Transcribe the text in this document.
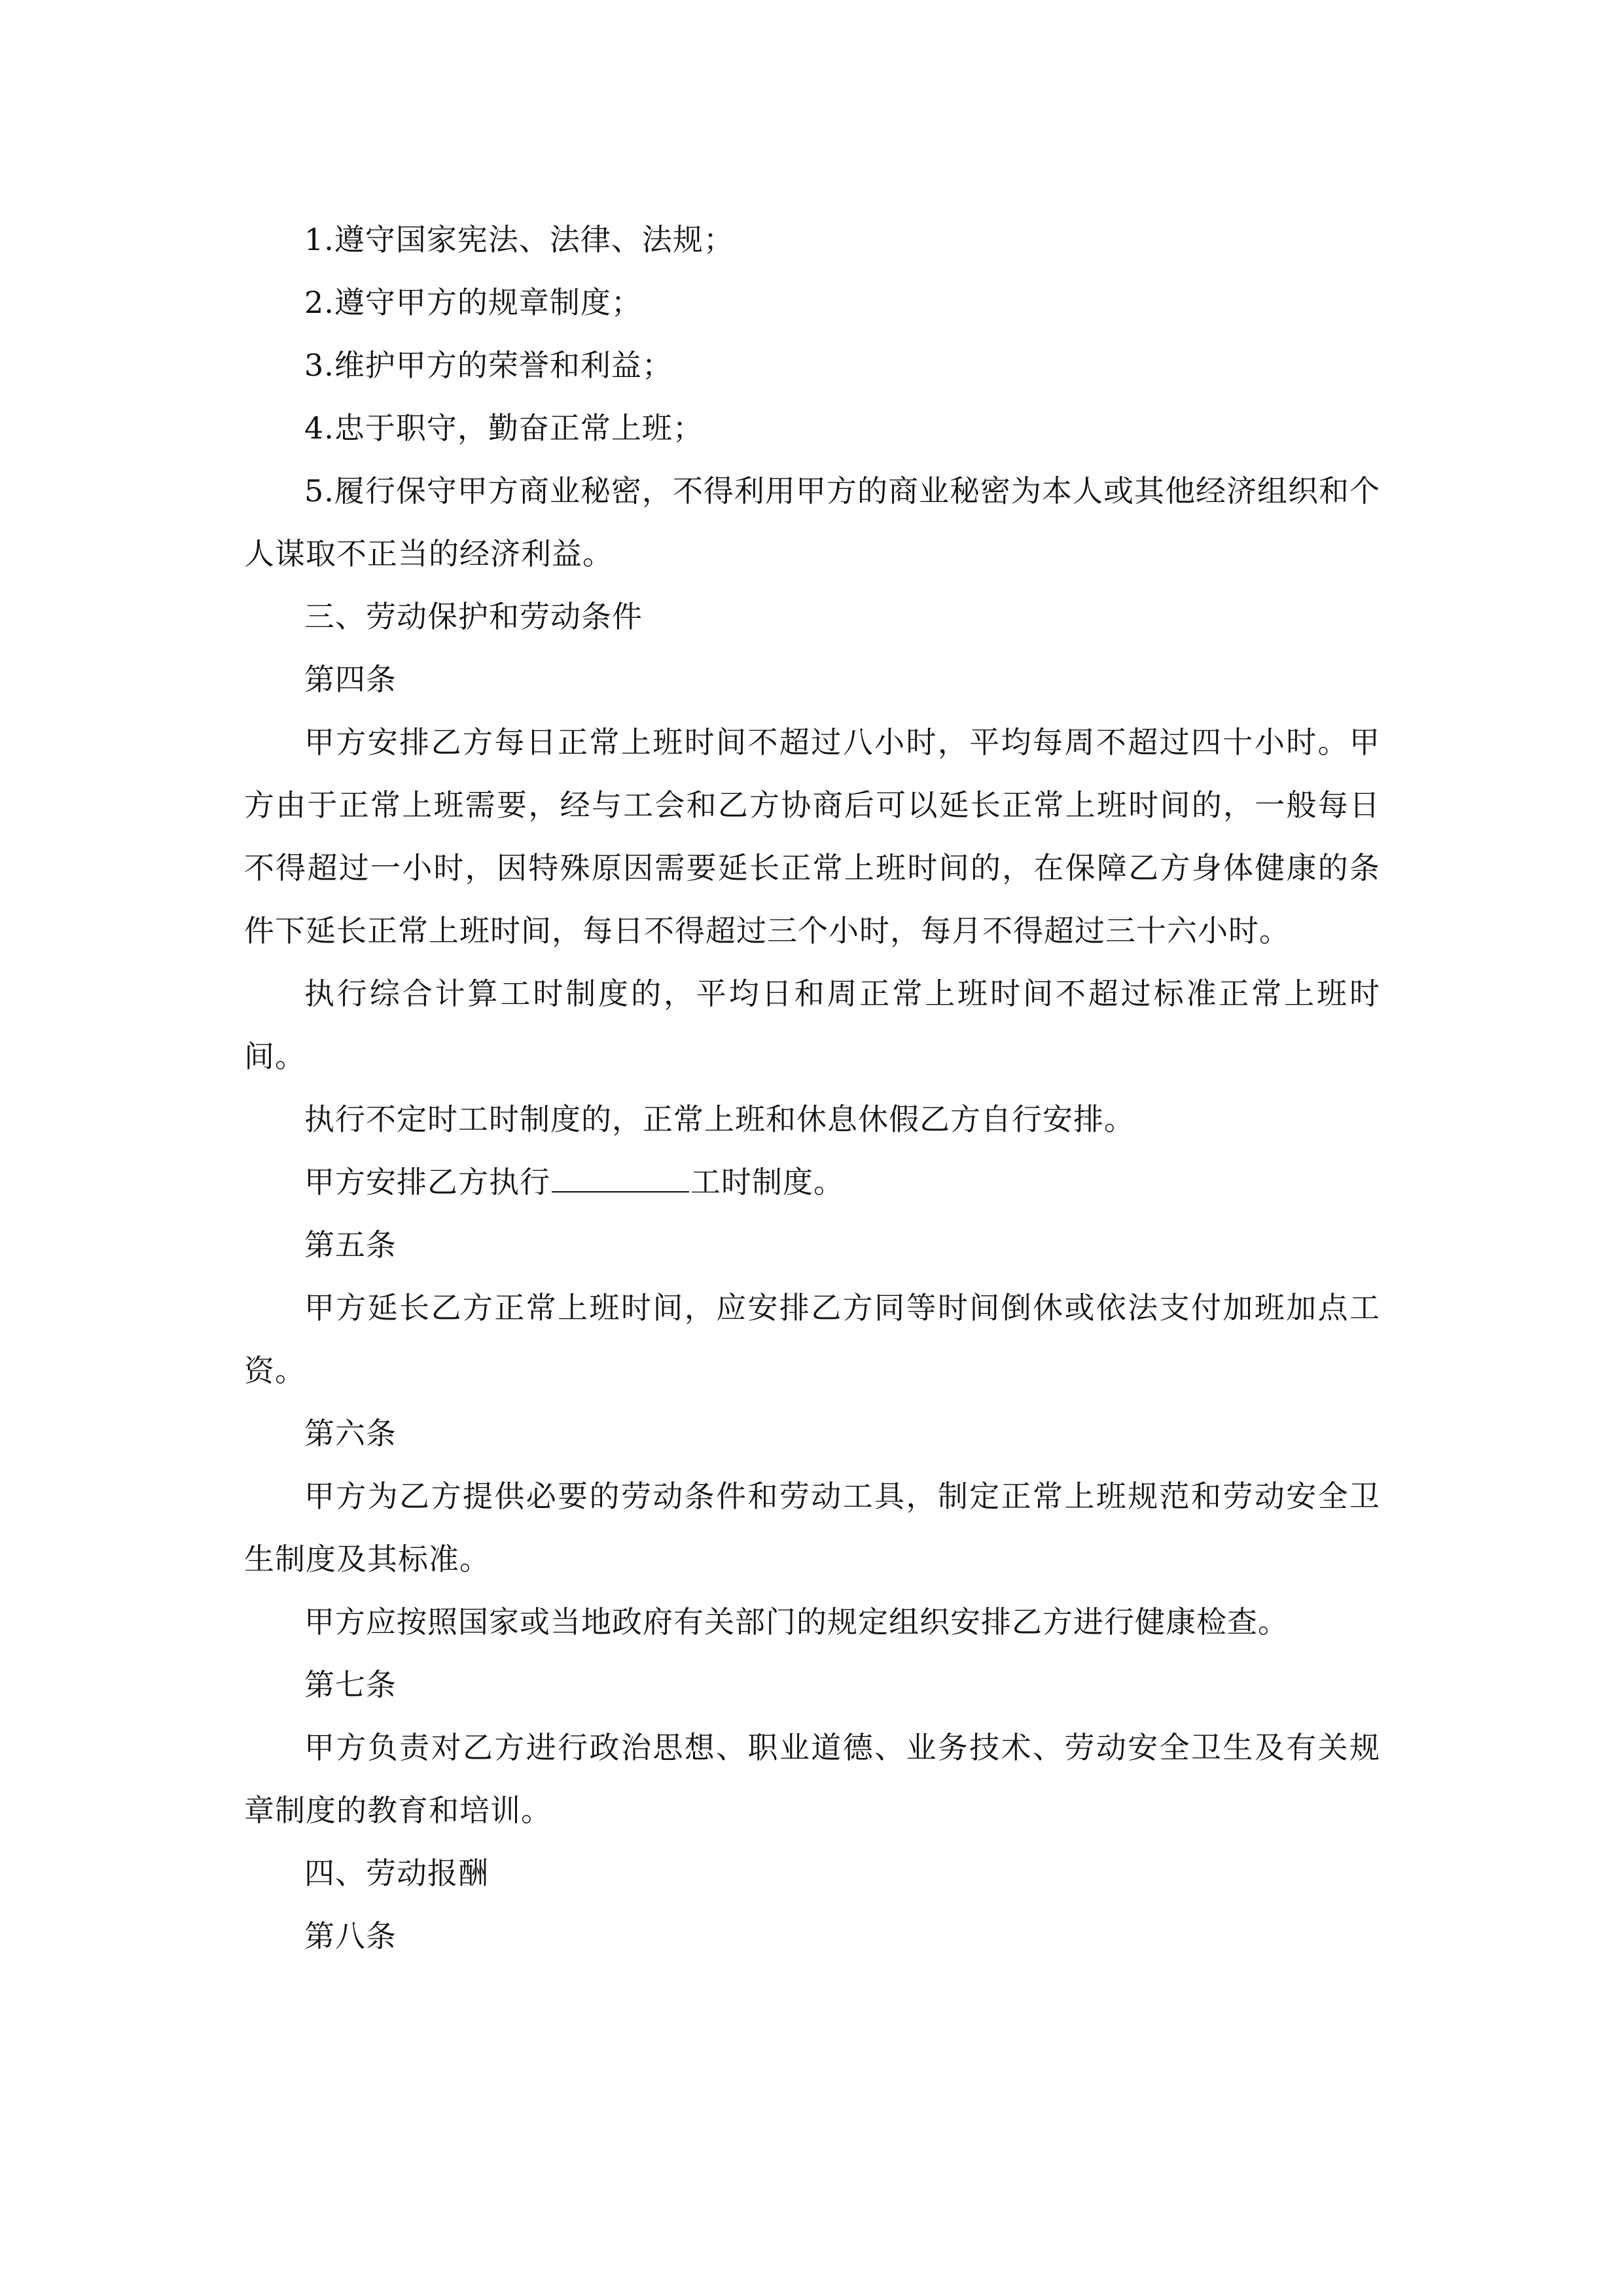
1.遵守国家宪法、法律、法规；

2.遵守甲方的规章制度；

3.维护甲方的荣誉和利益；

4.忠于职守，勤奋正常上班；

5.履行保守甲方商业秘密，不得利用甲方的商业秘密为本人或其他经济组织和个人谋取不正当的经济利益。

三、劳动保护和劳动条件

第四条

甲方安排乙方每日正常上班时间不超过八小时，平均每周不超过四十小时。甲方由于正常上班需要，经与工会和乙方协商后可以延长正常上班时间的，一般每日不得超过一小时，因特殊原因需要延长正常上班时间的，在保障乙方身体健康的条件下延长正常上班时间，每日不得超过三个小时，每月不得超过三十六小时。

执行综合计算工时制度的，平均日和周正常上班时间不超过标准正常上班时间。

执行不定时工时制度的，正常上班和休息休假乙方自行安排。

甲方安排乙方执行	工时制度。

第五条

甲方延长乙方正常上班时间，应安排乙方同等时间倒休或依法支付加班加点工资。

第六条

甲方为乙方提供必要的劳动条件和劳动工具，制定正常上班规范和劳动安全卫生制度及其标准。

甲方应按照国家或当地政府有关部门的规定组织安排乙方进行健康检查。

第七条

甲方负责对乙方进行政治思想、职业道德、业务技术、劳动安全卫生及有关规章制度的教育和培训。

四、劳动报酬

第八条
